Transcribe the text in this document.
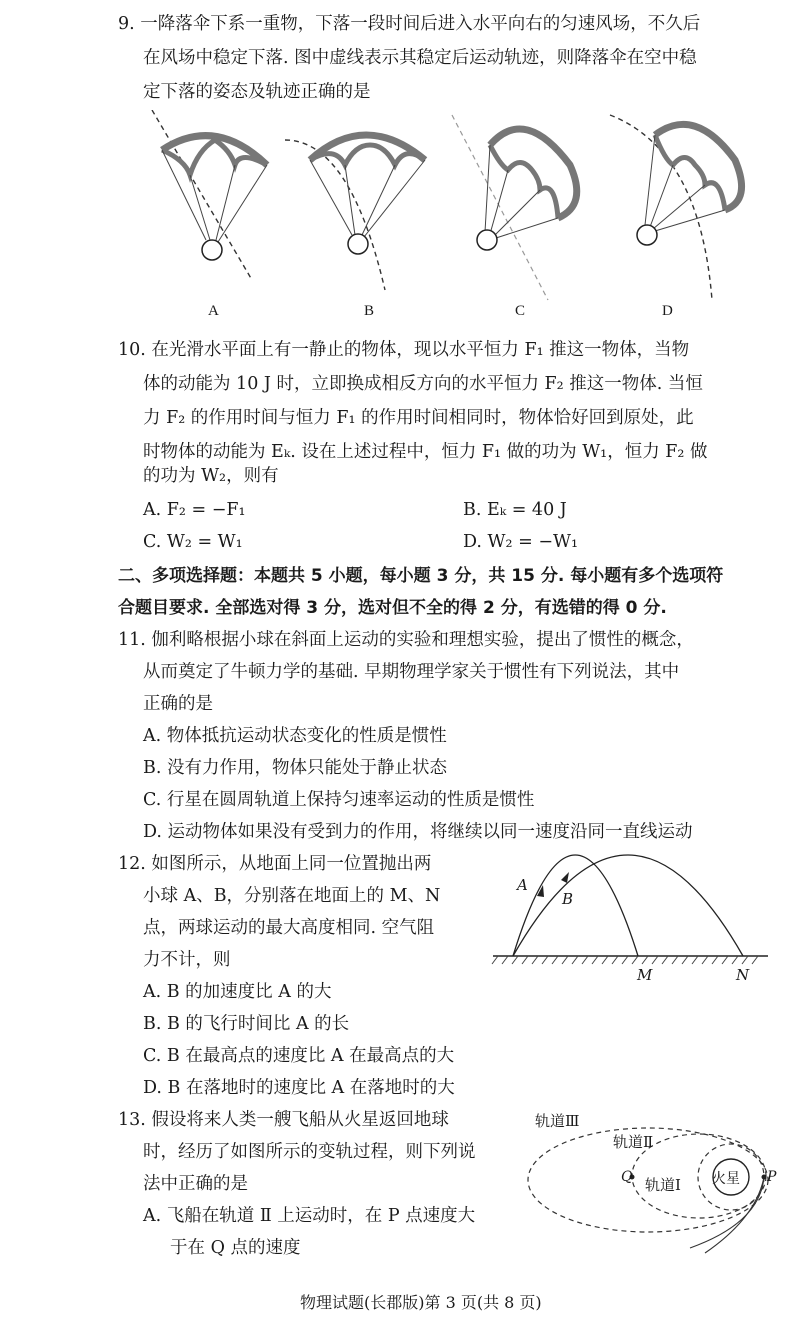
9. 一降落伞下系一重物，下落一段时间后进入水平向右的匀速风场，不久后
在风场中稳定下落. 图中虚线表示其稳定后运动轨迹，则降落伞在空中稳
定下落的姿态及轨迹正确的是
A	B	C	D
10. 在光滑水平面上有一静止的物体，现以水平恒力 F₁ 推这一物体，当物
体的动能为 10 J 时，立即换成相反方向的水平恒力 F₂ 推这一物体. 当恒
力 F₂ 的作用时间与恒力 F₁ 的作用时间相同时，物体恰好回到原处，此
时物体的动能为 Eₖ. 设在上述过程中，恒力 F₁ 做的功为 W₁，恒力 F₂ 做
的功为 W₂，则有
A. F₂ = −F₁	B. Eₖ = 40 J
C. W₂ = W₁	D. W₂ = −W₁
二、多项选择题：本题共 5 小题，每小题 3 分，共 15 分. 每小题有多个选项符
合题目要求. 全部选对得 3 分，选对但不全的得 2 分，有选错的得 0 分.
11. 伽利略根据小球在斜面上运动的实验和理想实验，提出了惯性的概念，
从而奠定了牛顿力学的基础. 早期物理学家关于惯性有下列说法，其中
正确的是
A. 物体抵抗运动状态变化的性质是惯性
B. 没有力作用，物体只能处于静止状态
C. 行星在圆周轨道上保持匀速率运动的性质是惯性
D. 运动物体如果没有受到力的作用，将继续以同一速度沿同一直线运动
12. 如图所示，从地面上同一位置抛出两
小球 A、B，分别落在地面上的 M、N
点，两球运动的最大高度相同. 空气阻
力不计，则
A. B 的加速度比 A 的大
B. B 的飞行时间比 A 的长
C. B 在最高点的速度比 A 在最高点的大
D. B 在落地时的速度比 A 在落地时的大
A
B
M	N
13. 假设将来人类一艘飞船从火星返回地球
时，经历了如图所示的变轨过程，则下列说
法中正确的是
A. 飞船在轨道 Ⅱ 上运动时，在 P 点速度大
于在 Q 点的速度
轨道Ⅲ
轨道Ⅱ
轨道Ⅰ 火星
Q	P
物理试题(长郡版)第 3 页(共 8 页)
